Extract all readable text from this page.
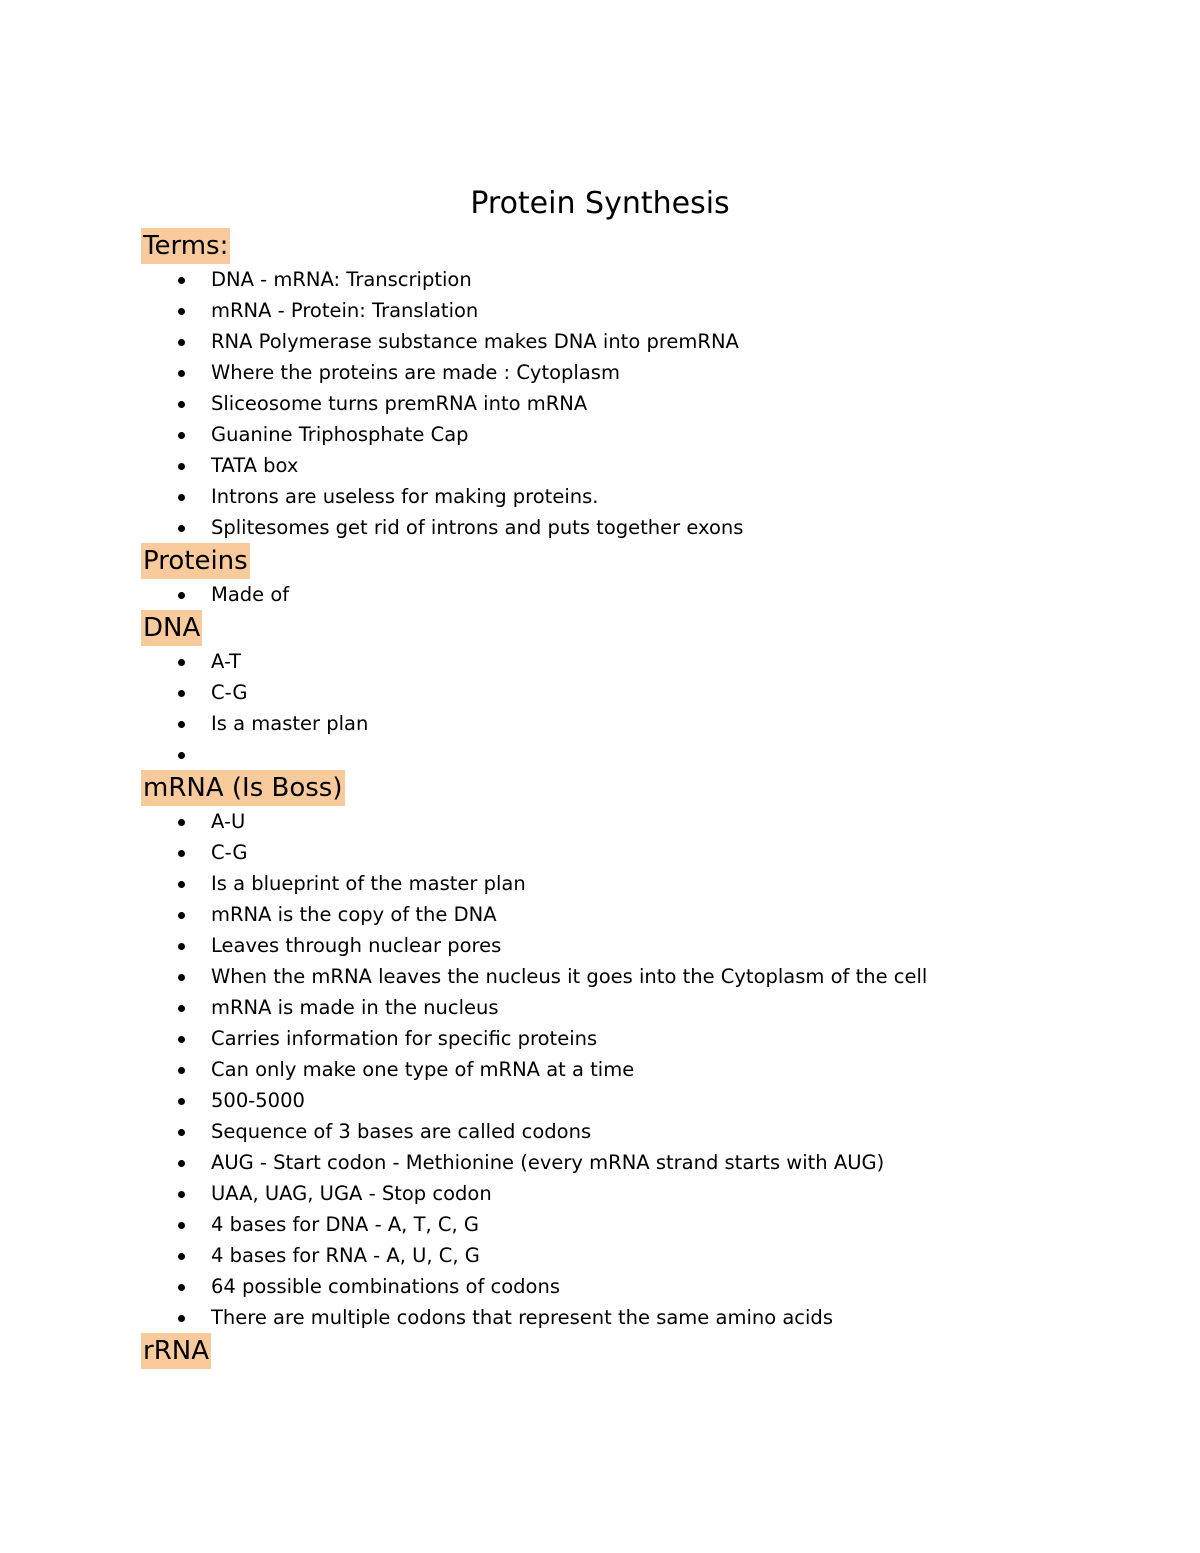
Protein Synthesis
Terms:
DNA - mRNA: Transcription
mRNA - Protein: Translation
RNA Polymerase substance makes DNA into premRNA
Where the proteins are made : Cytoplasm
Sliceosome turns premRNA into mRNA
Guanine Triphosphate Cap
TATA box
Introns are useless for making proteins.
Splitesomes get rid of introns and puts together exons
Proteins
Made of
DNA
A-T
C-G
Is a master plan
mRNA (Is Boss)
A-U
C-G
Is a blueprint of the master plan
mRNA is the copy of the DNA
Leaves through nuclear pores
When the mRNA leaves the nucleus it goes into the Cytoplasm of the cell
mRNA is made in the nucleus
Carries information for specific proteins
Can only make one type of mRNA at a time
500-5000
Sequence of 3 bases are called codons
AUG - Start codon - Methionine (every mRNA strand starts with AUG)
UAA, UAG, UGA - Stop codon
4 bases for DNA - A, T, C, G
4 bases for RNA - A, U, C, G
64 possible combinations of codons
There are multiple codons that represent the same amino acids
rRNA
